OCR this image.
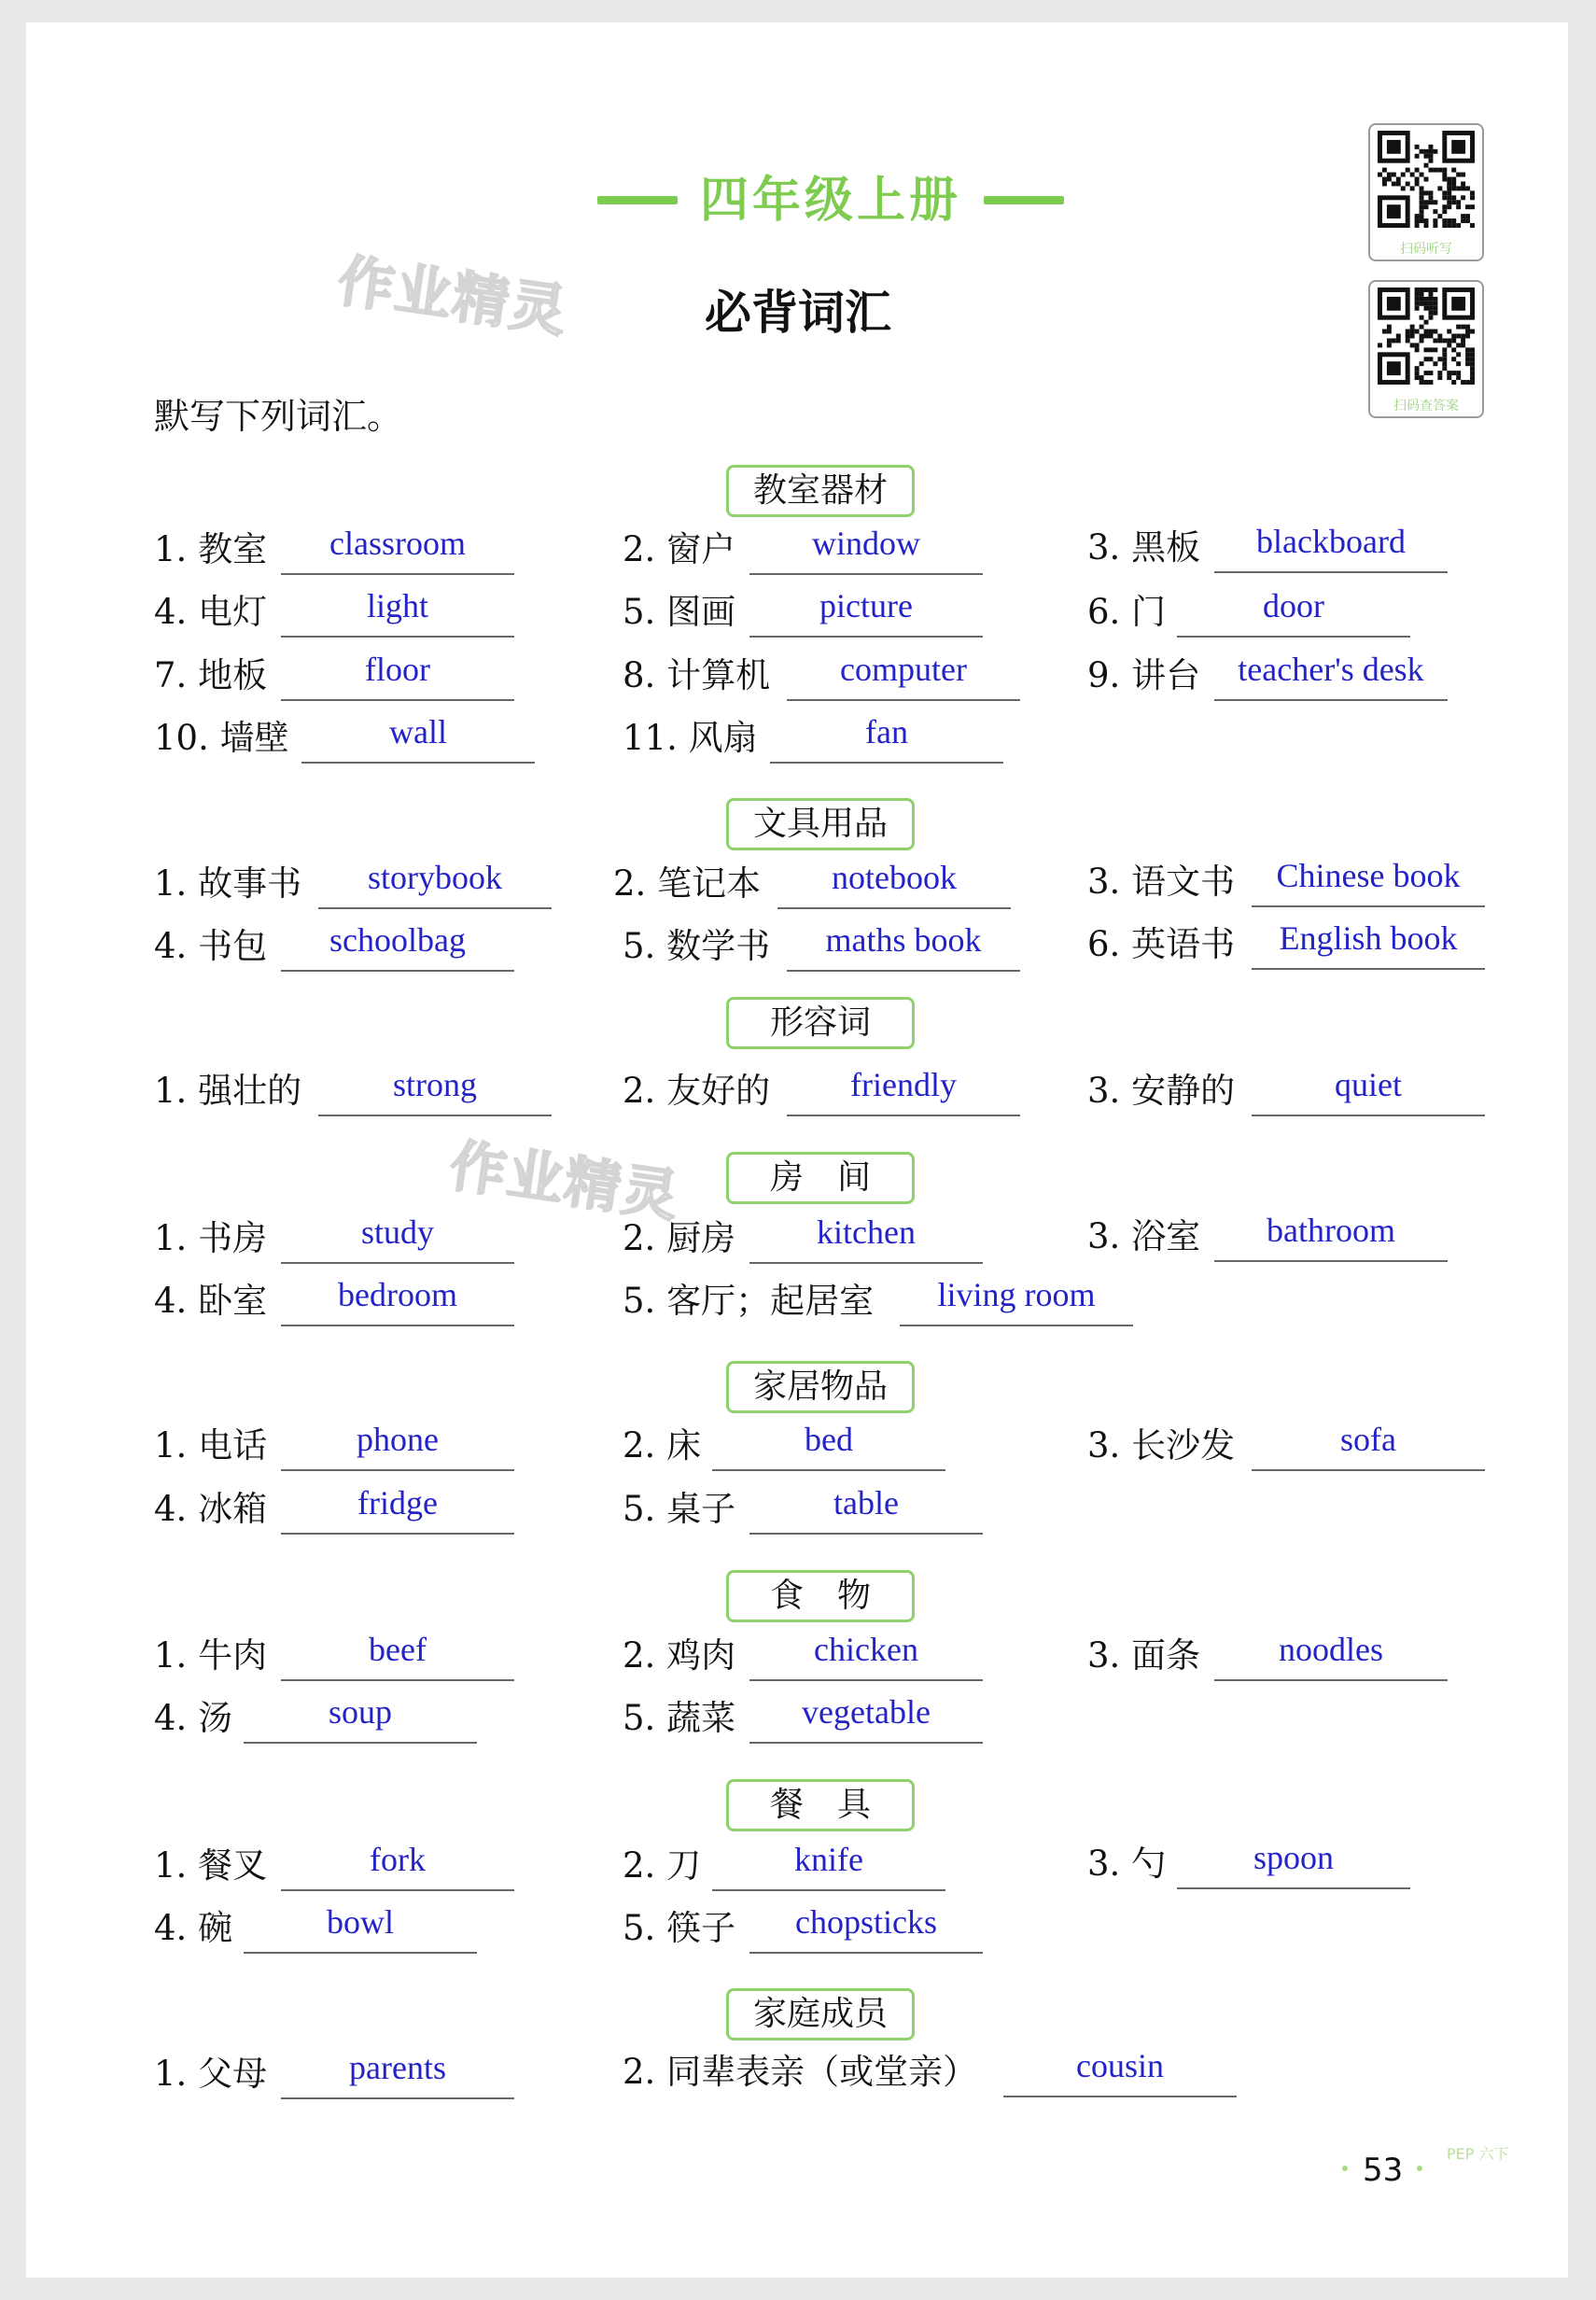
四年级上册
必背词汇
默写下列词汇。
作业精灵
作业精灵
扫码听写
扫码查答案
教室器材
文具用品
形容词
房　间
家居物品
食　物
餐　具
家庭成员
1. 教室	classroom	2. 窗户	window	3. 黑板	blackboard
4. 电灯	light	5. 图画	picture	6. 门	door
7. 地板	floor	8. 计算机	computer	9. 讲台	teacher's desk
10. 墙壁	wall	11. 风扇	fan
1. 故事书	storybook	2. 笔记本	notebook	3. 语文书	Chinese book
4. 书包	schoolbag	5. 数学书	maths book	6. 英语书	English book
1. 强壮的	strong	2. 友好的	friendly	3. 安静的	quiet
1. 书房	study	2. 厨房	kitchen	3. 浴室	bathroom
4. 卧室	bedroom	5. 客厅；起居室	living room
1. 电话	phone	2. 床	bed	3. 长沙发	sofa
4. 冰箱	fridge	5. 桌子	table
1. 牛肉	beef	2. 鸡肉	chicken	3. 面条	noodles
4. 汤	soup	5. 蔬菜	vegetable
1. 餐叉	fork	2. 刀	knife	3. 勺	spoon
4. 碗	bowl	5. 筷子	chopsticks
1. 父母	parents	2. 同辈表亲（或堂亲）	cousin
53	PEP 六下
